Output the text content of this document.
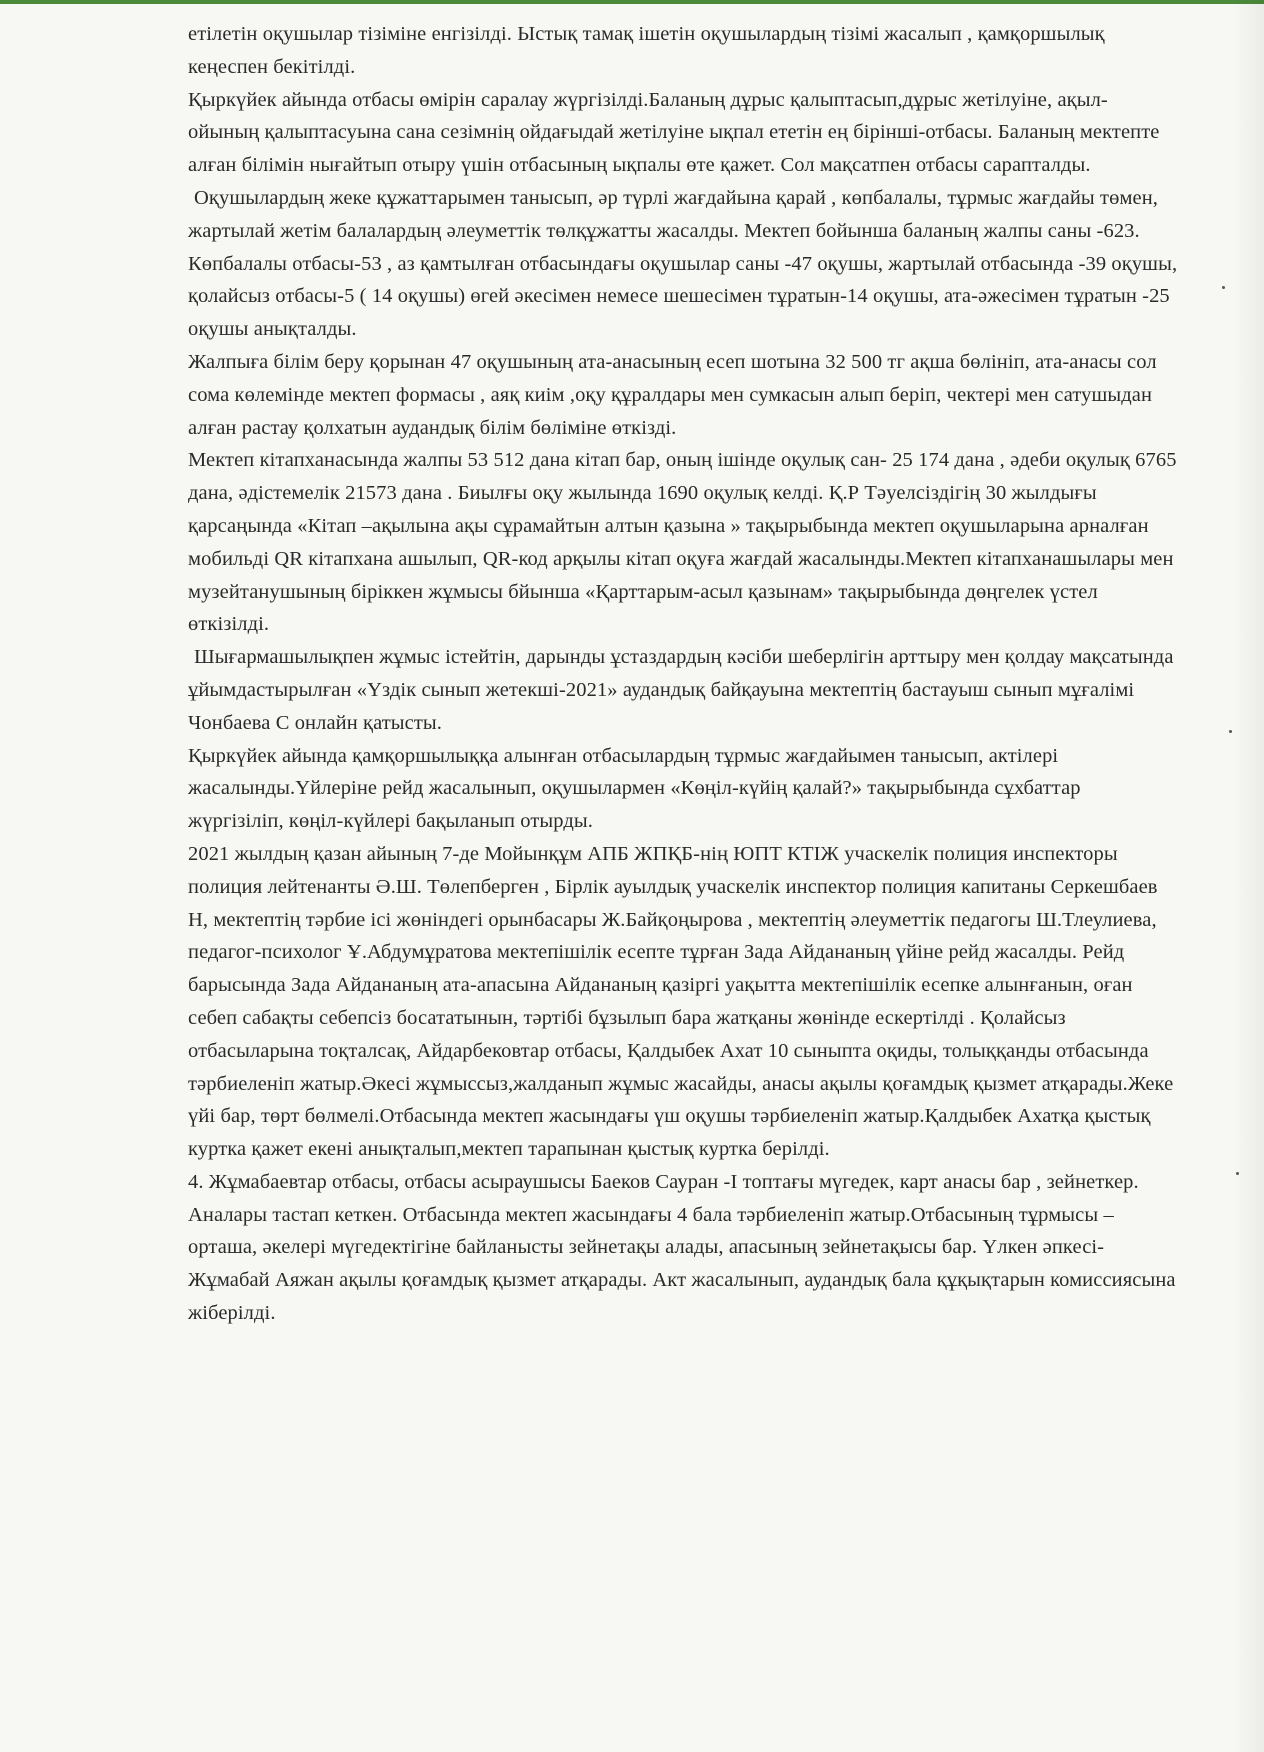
етілетін оқушылар тізіміне енгізілді. Ыстық тамақ ішетін оқушылардың тізімі жасалып , қамқоршылық кеңеспен бекітілді.

Қыркүйек айында отбасы өмірін саралау жүргізілді.Баланың дұрыс қалыптасып,дұрыс жетілуіне, ақыл-ойының қалыптасуына сана сезімнің ойдағыдай жетілуіне ықпал ететін ең бірінші-отбасы. Баланың мектепте алған білімін нығайтып отыру үшін отбасының ықпалы өте қажет. Сол мақсатпен отбасы сарапталды.

Оқушылардың жеке құжаттарымен танысып, әр түрлі жағдайына қарай , көпбалалы, тұрмыс жағдайы төмен, жартылай жетім балалардың әлеуметтік төлқұжатты жасалды. Мектеп бойынша баланың жалпы саны -623. Көпбалалы отбасы-53 , аз қамтылған отбасындағы оқушылар саны -47 оқушы, жартылай отбасында -39 оқушы, қолайсыз отбасы-5 ( 14 оқушы) өгей әкесімен немесе шешесімен тұратын-14 оқушы, ата-әжесімен тұратын -25 оқушы анықталды.

Жалпыға білім беру қорынан 47 оқушының ата-анасының есеп шотына 32 500 тг ақша бөлініп, ата-анасы сол сома көлемінде мектеп формасы , аяқ киім ,оқу құралдары мен сумкасын алып беріп, чектері мен сатушыдан алған растау қолхатын аудандық білім бөліміне өткізді.

Мектеп кітапханасында жалпы 53 512 дана кітап бар, оның ішінде оқулық сан- 25 174 дана , әдеби оқулық 6765 дана, әдістемелік 21573 дана . Биылғы оқу жылында 1690 оқулық келді. Қ.Р Тәуелсіздігің 30 жылдығы қарсаңында «Кітап –ақылына ақы сұрамайтын алтын қазына » тақырыбында мектеп оқушыларына арналған мобильді QR кітапхана ашылып, QR-код арқылы кітап оқуға жағдай жасалынды.Мектеп кітапханашылары мен музейтанушының біріккен жұмысы бйынша «Қарттарым-асыл қазынам» тақырыбында дөңгелек үстел өткізілді.

Шығармашылықпен жұмыс істейтін, дарынды ұстаздардың кәсіби шеберлігін арттыру мен қолдау мақсатында ұйымдастырылған «Үздік сынып жетекші-2021» аудандық байқауына мектептің бастауыш сынып мұғалімі Чонбаева С онлайн қатысты.

Қыркүйек айында қамқоршылыққа алынған отбасылардың тұрмыс жағдайымен танысып, актілері жасалынды.Үйлеріне рейд жасалынып, оқушылармен «Көңіл-күйің қалай?» тақырыбында сұхбаттар жүргізіліп, көңіл-күйлері бақыланып отырды.

2021 жылдың қазан айының 7-де Мойынқұм АПБ ЖПҚБ-нің ЮПТ КТІЖ учаскелік полиция инспекторы полиция лейтенанты Ә.Ш. Төлепберген , Бірлік ауылдық учаскелік инспектор полиция капитаны Серкешбаев Н, мектептің тәрбие ісі жөніндегі орынбасары Ж.Байқоңырова , мектептің әлеуметтік педагогы Ш.Тлеулиева, педагог-психолог Ұ.Абдумұратова мектепішілік есепте тұрған Зада Айдананың үйіне рейд жасалды. Рейд барысында Зада Айдананың ата-апасына Айдананың қазіргі уақытта мектепішілік есепке алынғанын, оған себеп сабақты себепсіз босататынын, тәртібі бұзылып бара жатқаны жөнінде ескертілді . Қолайсыз отбасыларына тоқталсақ, Айдарбековтар отбасы, Қалдыбек Ахат 10 сыныпта оқиды, толыққанды отбасында тәрбиеленіп жатыр.Әкесі жұмыссыз,жалданып жұмыс жасайды, анасы ақылы қоғамдық қызмет атқарады.Жеке үйі бар, төрт бөлмелі.Отбасында мектеп жасындағы үш оқушы тәрбиеленіп жатыр.Қалдыбек Ахатқа қыстық куртка қажет екені анықталып,мектеп тарапынан қыстық куртка берілді.

4. Жұмабаевтар отбасы, отбасы асыраушысы Баеков Сауран -І топтағы мүгедек, карт анасы бар , зейнеткер. Аналары тастап кеткен. Отбасында мектеп жасындағы 4 бала тәрбиеленіп жатыр.Отбасының тұрмысы –орташа, әкелері мүгедектігіне байланысты зейнетақы алады, апасының зейнетақысы бар. Үлкен әпкесі- Жұмабай Аяжан ақылы қоғамдық қызмет атқарады. Акт жасалынып, аудандық бала құқықтарын комиссиясына жіберілді.
